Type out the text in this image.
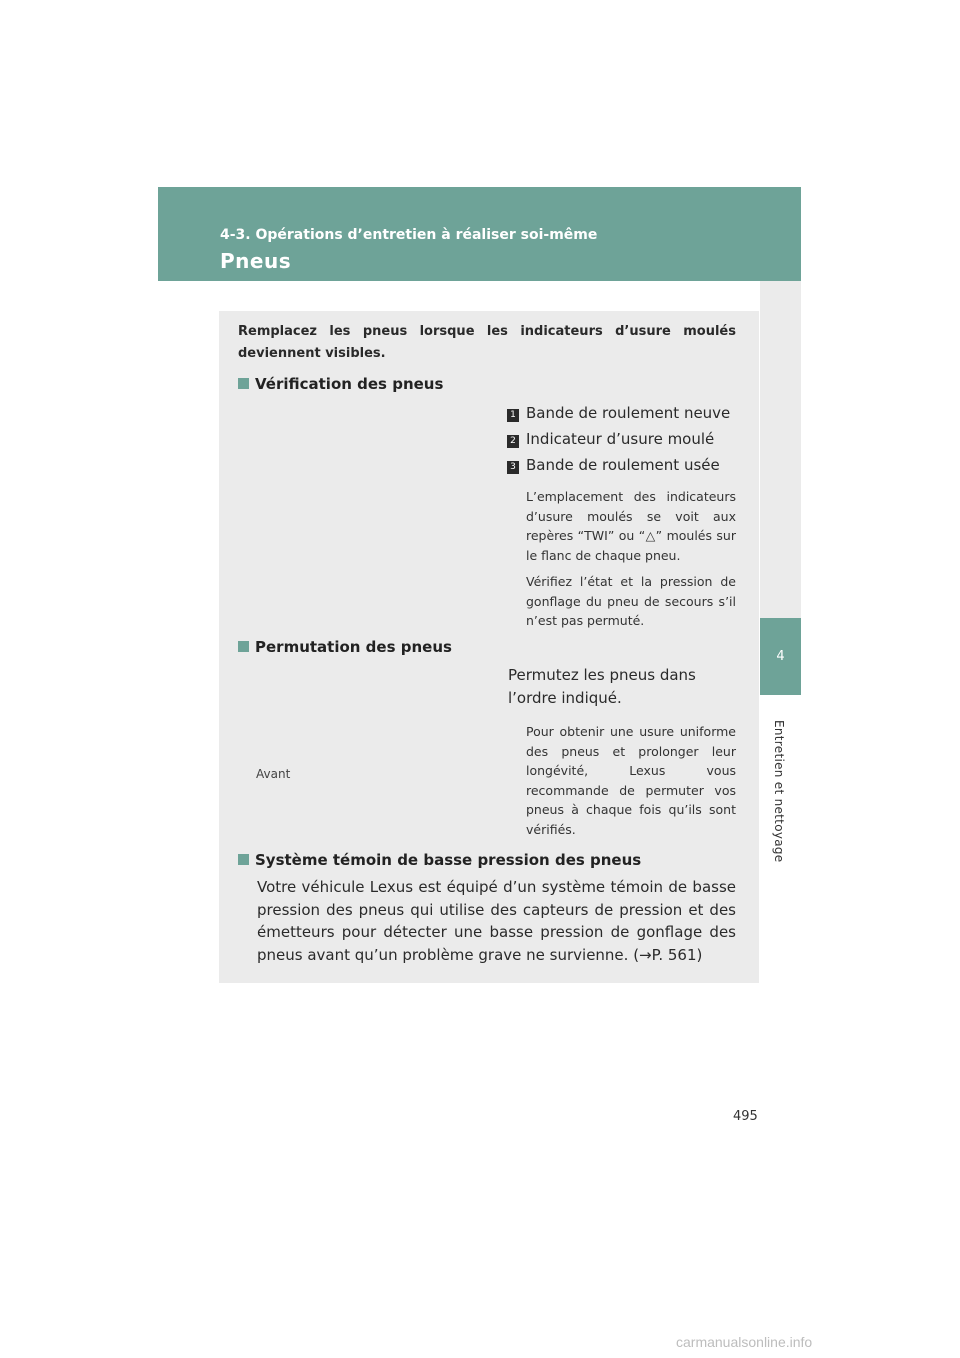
4-3. Opérations d’entretien à réaliser soi-même
Pneus
4
Entretien et nettoyage
Remplacez les pneus lorsque les indicateurs d’usure moulés deviennent visibles.
Vérification des pneus
1 Bande de roulement neuve
2 Indicateur d’usure moulé
3 Bande de roulement usée
L’emplacement des indicateurs d’usure moulés se voit aux repères “TWI” ou “△” moulés sur le flanc de chaque pneu.
Vérifiez l’état et la pression de gonflage du pneu de secours s’il n’est pas permuté.
Permutation des pneus
Permutez les pneus dans l’ordre indiqué.
Avant
Pour obtenir une usure uniforme des pneus et prolonger leur longévité, Lexus vous recommande de permuter vos pneus à chaque fois qu’ils sont vérifiés.
Système témoin de basse pression des pneus
Votre véhicule Lexus est équipé d’un système témoin de basse pression des pneus qui utilise des capteurs de pression et des émetteurs pour détecter une basse pression de gonflage des pneus avant qu’un problème grave ne survienne. (→P. 561)
495
carmanualsonline.info
